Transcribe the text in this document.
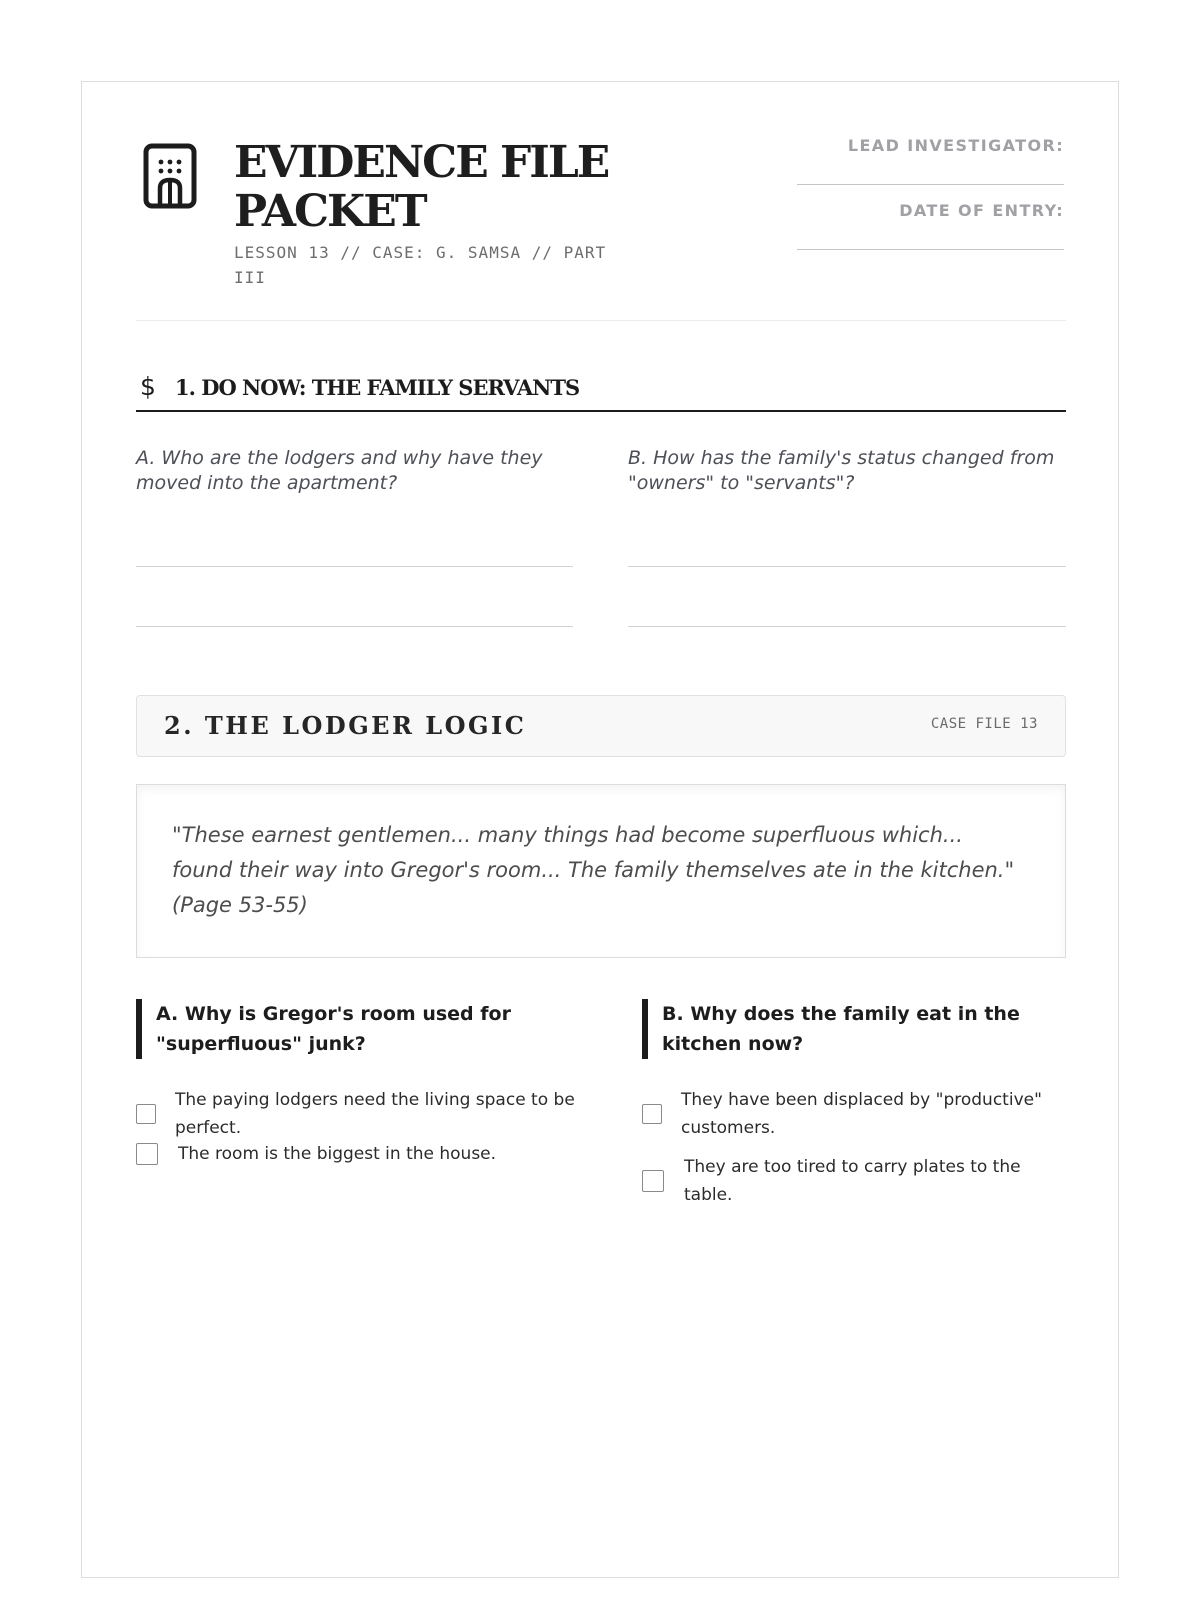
EVIDENCE FILE PACKET
LESSON 13 // CASE: G. SAMSA // PART III
LEAD INVESTIGATOR:
DATE OF ENTRY:
$ 1. DO NOW: THE FAMILY SERVANTS
A. Who are the lodgers and why have they moved into the apartment?
B. How has the family's status changed from "owners" to "servants"?
2. THE LODGER LOGIC	CASE FILE 13
"These earnest gentlemen... many things had become superfluous which... found their way into Gregor's room... The family themselves ate in the kitchen." (Page 53-55)
A. Why is Gregor's room used for "superfluous" junk?
The paying lodgers need the living space to be perfect.
The room is the biggest in the house.
B. Why does the family eat in the kitchen now?
They have been displaced by "productive" customers.
They are too tired to carry plates to the table.
